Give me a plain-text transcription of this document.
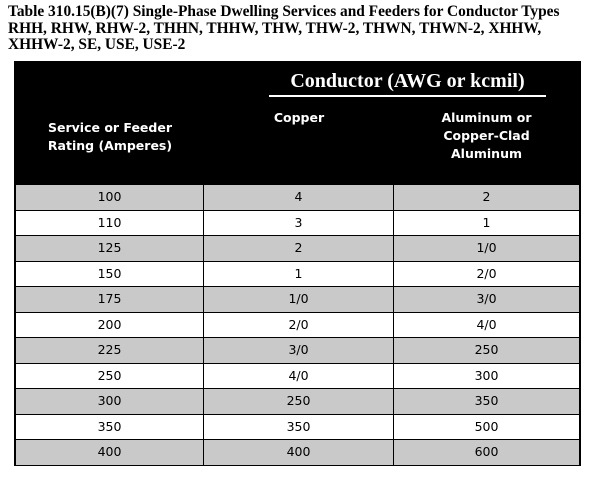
Table 310.15(B)(7) Single-Phase Dwelling Services and Feeders for Conductor Types
RHH, RHW, RHW-2, THHN, THHW, THW, THW-2, THWN, THWN-2, XHHW,
XHHW-2, SE, USE, USE-2
Conductor (AWG or kcmil)
Service or Feeder
Rating (Amperes)
Copper	Aluminum or
Copper-Clad
Aluminum
100	4	2
110	3	1
125	2	1/0
150	1	2/0
175	1/0	3/0
200	2/0	4/0
225	3/0	250
250	4/0	300
300	250	350
350	350	500
400	400	600
